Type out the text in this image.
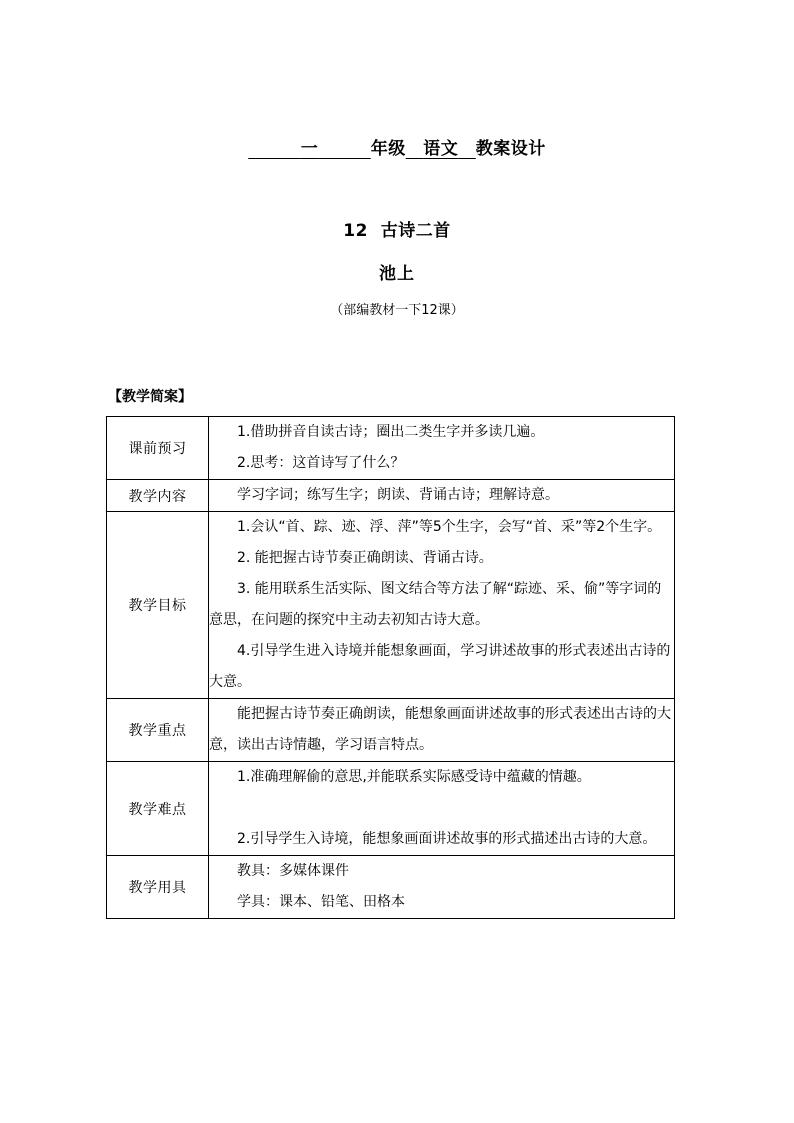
　　　一　　　	年级　 语文　 教案设计
12  古诗二首
池上
（部编教材一下12课）
【教学简案】
课前预习	1.借助拼音自读古诗；圈出二类生字并多读几遍。

2.思考：这首诗写了什么？

教学内容	学习字词；练写生字；朗读、背诵古诗；理解诗意。

教学目标	1.会认“首、踪、迹、浮、萍”等5个生字，会写“首、采”等2个生字。

2. 能把握古诗节奏正确朗读、背诵古诗。

3. 能用联系生活实际、图文结合等方法了解“踪迹、采、偷”等字词的意思，在问题的探究中主动去初知古诗大意。

4.引导学生进入诗境并能想象画面，学习讲述故事的形式表述出古诗的大意。

教学重点	能把握古诗节奏正确朗读，能想象画面讲述故事的形式表述出古诗的大意，读出古诗情趣，学习语言特点。

教学难点	1.准确理解偷的意思,并能联系实际感受诗中蕴藏的情趣。

2.引导学生入诗境，能想象画面讲述故事的形式描述出古诗的大意。

教学用具	教具：多媒体课件

学具：课本、铅笔、田格本
